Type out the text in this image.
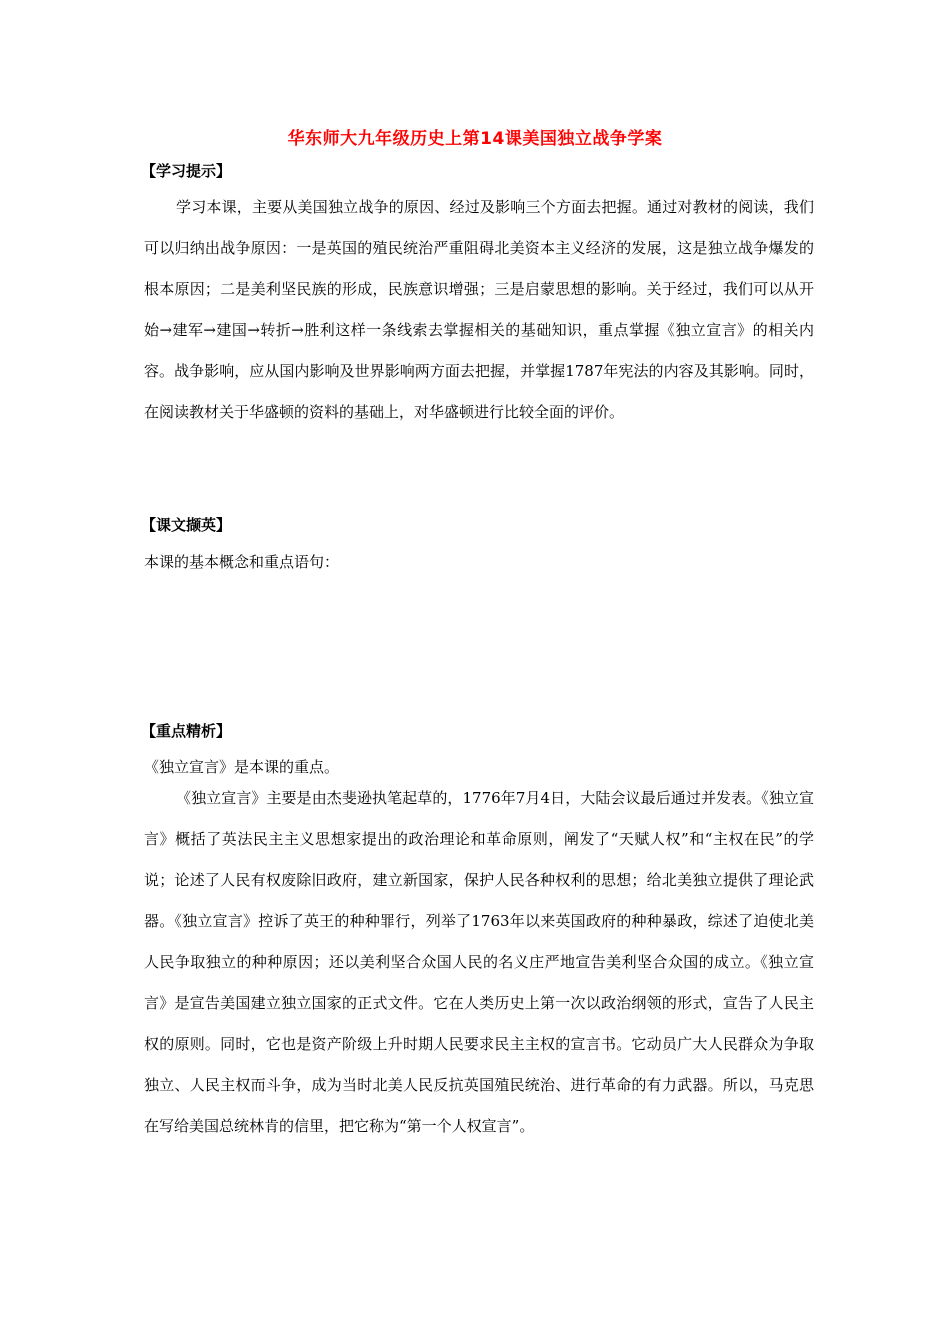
华东师大九年级历史上第14课美国独立战争学案
【学习提示】

学习本课，主要从美国独立战争的原因、经过及影响三个方面去把握。通过对教材的阅读，我们可以归纳出战争原因：一是英国的殖民统治严重阻碍北美资本主义经济的发展，这是独立战争爆发的根本原因；二是美利坚民族的形成，民族意识增强；三是启蒙思想的影响。关于经过，我们可以从开始→建军→建国→转折→胜利这样一条线索去掌握相关的基础知识，重点掌握《独立宣言》的相关内容。战争影响，应从国内影响及世界影响两方面去把握，并掌握1787年宪法的内容及其影响。同时，在阅读教材关于华盛顿的资料的基础上，对华盛顿进行比较全面的评价。

【课文撷英】

本课的基本概念和重点语句：

【重点精析】

《独立宣言》是本课的重点。

《独立宣言》主要是由杰斐逊执笔起草的，1776年7月4日，大陆会议最后通过并发表。《独立宣言》概括了英法民主主义思想家提出的政治理论和革命原则，阐发了“天赋人权”和“主权在民”的学说；论述了人民有权废除旧政府，建立新国家，保护人民各种权利的思想；给北美独立提供了理论武器。《独立宣言》控诉了英王的种种罪行，列举了1763年以来英国政府的种种暴政，综述了迫使北美人民争取独立的种种原因；还以美利坚合众国人民的名义庄严地宣告美利坚合众国的成立。《独立宣言》是宣告美国建立独立国家的正式文件。它在人类历史上第一次以政治纲领的形式，宣告了人民主权的原则。同时，它也是资产阶级上升时期人民要求民主主权的宣言书。它动员广大人民群众为争取独立、人民主权而斗争，成为当时北美人民反抗英国殖民统治、进行革命的有力武器。所以，马克思在写给美国总统林肯的信里，把它称为“第一个人权宣言”。
